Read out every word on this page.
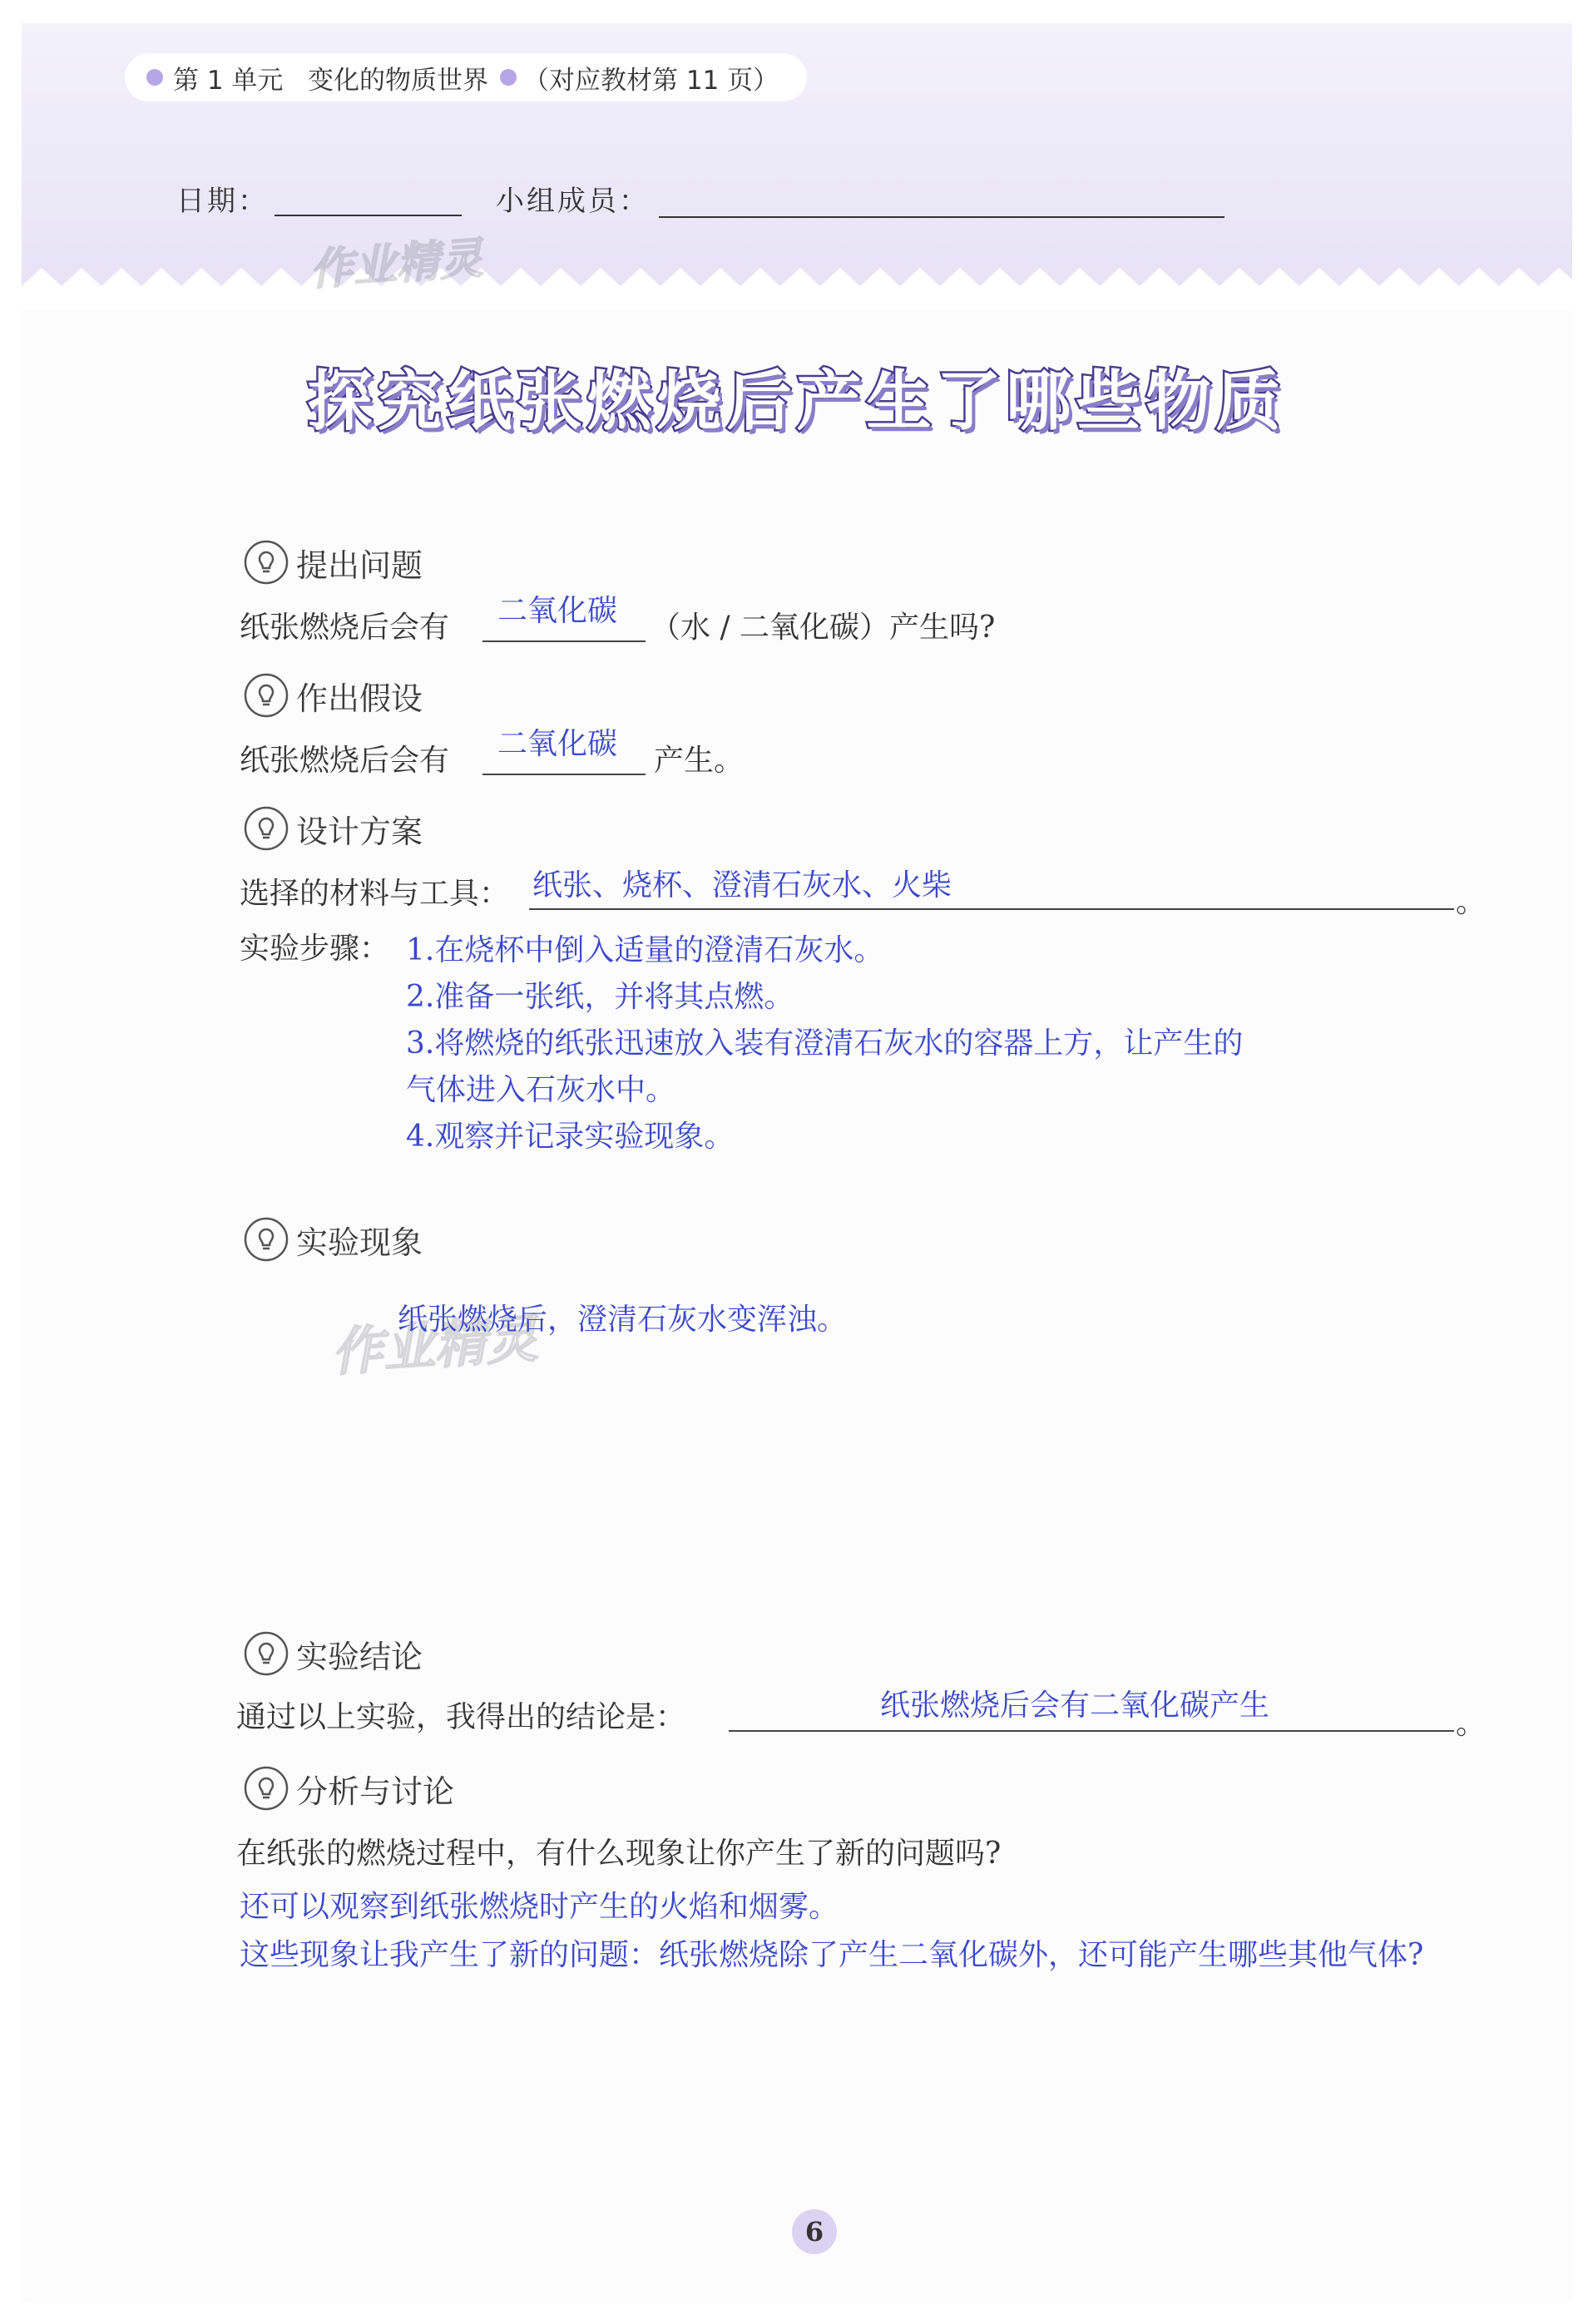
第 1 单元
变化的物质世界 （对应教材第 11 页）
日期：	小组成员：
作业精灵
探究纸张燃烧后产生了哪些物质
提出问题
纸张燃烧后会有 二氧化碳 （水 / 二氧化碳）产生吗?
作出假设
纸张燃烧后会有 二氧化碳 产生。
设计方案
选择的材料与工具： 纸张、烧杯、澄清石灰水、火柴	。
实验步骤： 1.在烧杯中倒入适量的澄清石灰水。
2.准备一张纸，并将其点燃。
3.将燃烧的纸张迅速放入装有澄清石灰水的容器上方，让产生的
气体进入石灰水中。
4.观察并记录实验现象。
实验现象
作业精灵
纸张燃烧后，澄清石灰水变浑浊。
实验结论
通过以上实验，我得出的结论是：	纸张燃烧后会有二氧化碳产生
。
分析与讨论
在纸张的燃烧过程中，有什么现象让你产生了新的问题吗?
还可以观察到纸张燃烧时产生的火焰和烟雾。
这些现象让我产生了新的问题：纸张燃烧除了产生二氧化碳外，还可能产生哪些其他气体?
6
